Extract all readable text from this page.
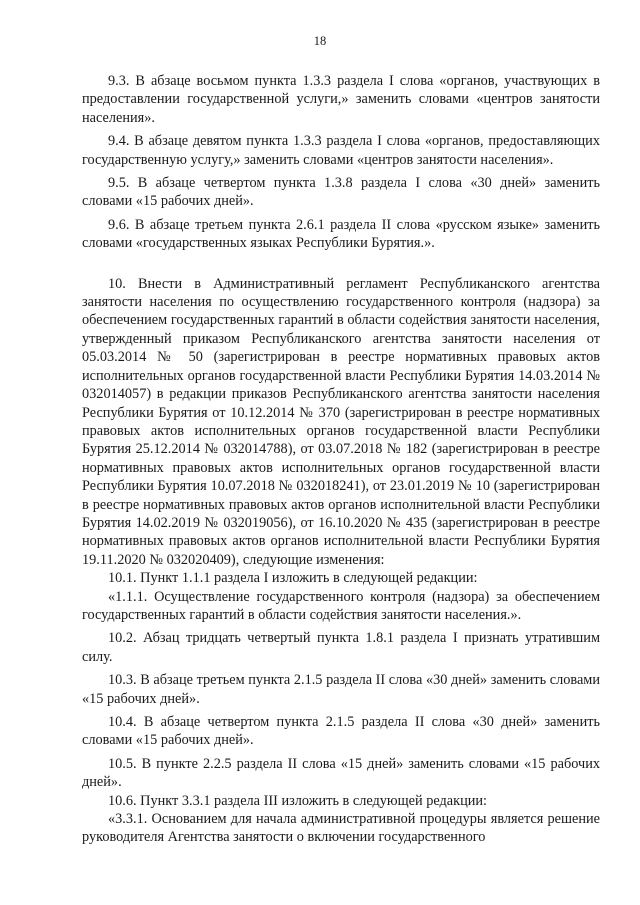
18

9.3. В абзаце восьмом пункта 1.3.3 раздела I слова «органов, участвующих в предоставлении государственной услуги,» заменить словами «центров занятости населения».

9.4. В абзаце девятом пункта 1.3.3 раздела I слова «органов, предоставляющих государственную услугу,» заменить словами «центров занятости населения».

9.5. В абзаце четвертом пункта 1.3.8 раздела I слова «30 дней» заменить словами «15 рабочих дней».

9.6. В абзаце третьем пункта 2.6.1 раздела II слова «русском языке» заменить словами «государственных языках Республики Бурятия.».

10. Внести в Административный регламент Республиканского агентства занятости населения по осуществлению государственного контроля (надзора) за обеспечением государственных гарантий в области содействия занятости населения, утвержденный приказом Республиканского агентства занятости населения от 05.03.2014 № 50 (зарегистрирован в реестре нормативных правовых актов исполнительных органов государственной власти Республики Бурятия 14.03.2014 № 032014057) в редакции приказов Республиканского агентства занятости населения Республики Бурятия от 10.12.2014 № 370 (зарегистрирован в реестре нормативных правовых актов исполнительных органов государственной власти Республики Бурятия 25.12.2014 № 032014788), от 03.07.2018 № 182 (зарегистрирован в реестре нормативных правовых актов исполнительных органов государственной власти Республики Бурятия 10.07.2018 № 032018241), от 23.01.2019 № 10 (зарегистрирован в реестре нормативных правовых актов органов исполнительной власти Республики Бурятия 14.02.2019 № 032019056), от 16.10.2020 № 435 (зарегистрирован в реестре нормативных правовых актов органов исполнительной власти Республики Бурятия 19.11.2020 № 032020409), следующие изменения:

10.1. Пункт 1.1.1 раздела I изложить в следующей редакции:

«1.1.1. Осуществление государственного контроля (надзора) за обеспечением государственных гарантий в области содействия занятости населения.».

10.2. Абзац тридцать четвертый пункта 1.8.1 раздела I признать утратившим силу.

10.3. В абзаце третьем пункта 2.1.5 раздела II слова «30 дней» заменить словами «15 рабочих дней».

10.4. В абзаце четвертом пункта 2.1.5 раздела II слова «30 дней» заменить словами «15 рабочих дней».

10.5. В пункте 2.2.5 раздела II слова «15 дней» заменить словами «15 рабочих дней».

10.6. Пункт 3.3.1 раздела III изложить в следующей редакции:

«3.3.1. Основанием для начала административной процедуры является решение руководителя Агентства занятости о включении государственного
